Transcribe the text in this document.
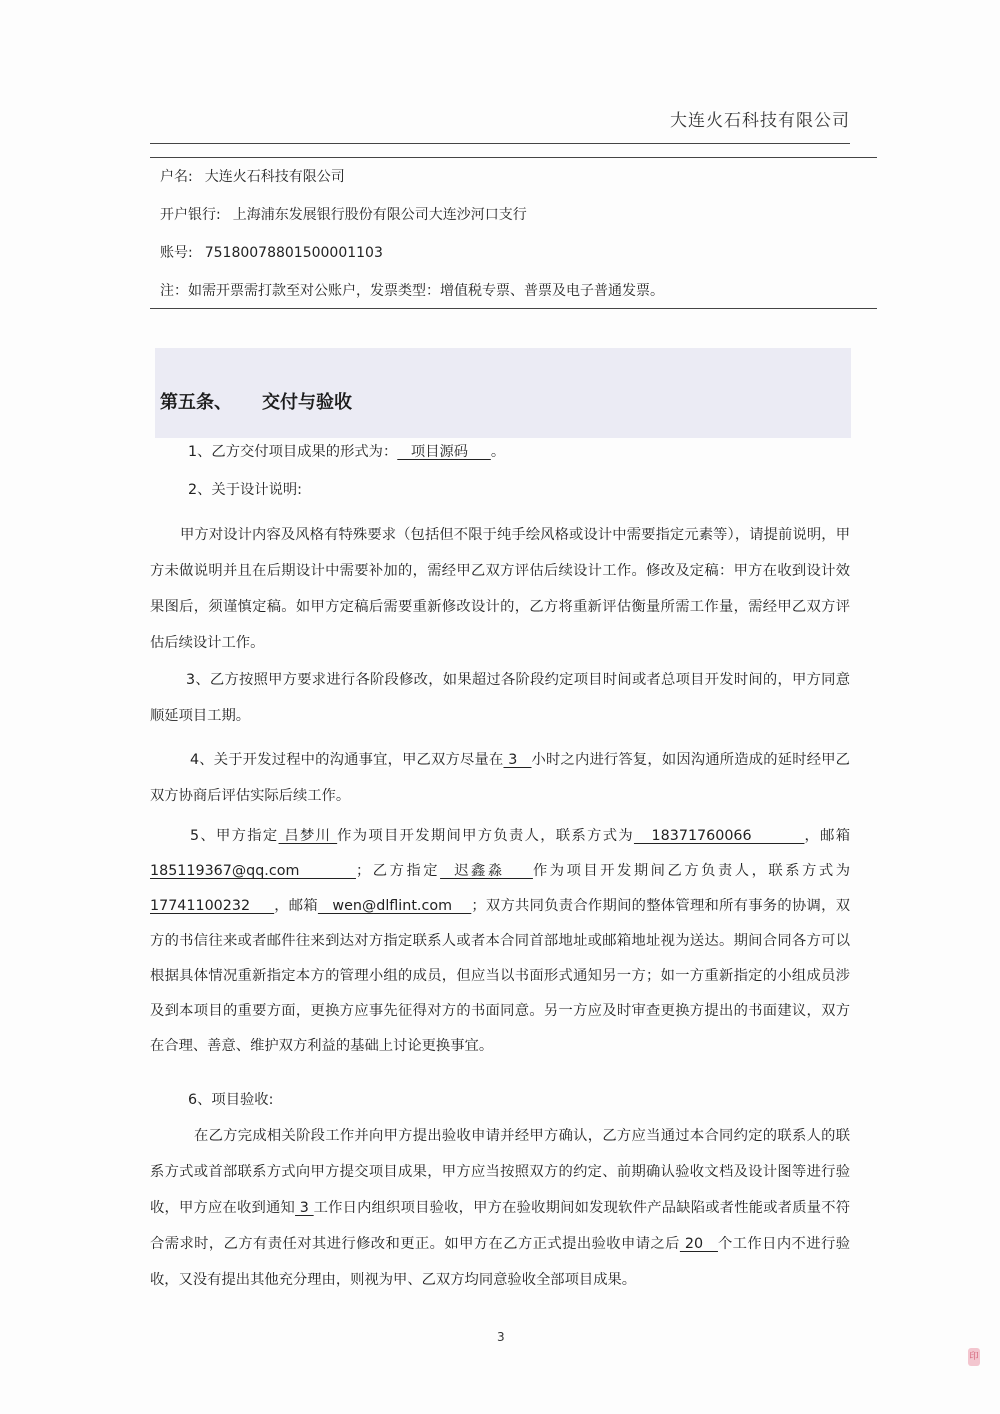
大连火石科技有限公司
户名: 大连火石科技有限公司
开户银行: 上海浦东发展银行股份有限公司大连沙河口支行
账号: 75180078801500001103
注：如需开票需打款至对公账户，发票类型：增值税专票、普票及电子普通发票。
第五条、 交付与验收
1、乙方交付项目成果的形式为：   项目源码     。
2、关于设计说明:
甲方对设计内容及风格有特殊要求（包括但不限于纯手绘风格或设计中需要指定元素等），请提前说明，甲方未做说明并且在后期设计中需要补加的，需经甲乙双方评估后续设计工作。修改及定稿：甲方在收到设计效果图后，须谨慎定稿。如甲方定稿后需要重新修改设计的，乙方将重新评估衡量所需工作量，需经甲乙双方评估后续设计工作。
3、乙方按照甲方要求进行各阶段修改，如果超过各阶段约定项目时间或者总项目开发时间的，甲方同意顺延项目工期。
4、关于开发过程中的沟通事宜，甲乙双方尽量在 3   小时之内进行答复，如因沟通所造成的延时经甲乙双方协商后评估实际后续工作。
5、甲方指定 吕梦川 作为项目开发期间甲方负责人，联系方式为   18371760066         ，邮箱185119367@qq.com        ；乙方指定  迟鑫淼    作为项目开发期间乙方负责人，联系方式为17741100232     ，邮箱   wen@dlflint.com    ；双方共同负责合作期间的整体管理和所有事务的协调，双方的书信往来或者邮件往来到达对方指定联系人或者本合同首部地址或邮箱地址视为送达。期间合同各方可以根据具体情况重新指定本方的管理小组的成员，但应当以书面形式通知另一方；如一方重新指定的小组成员涉及到本项目的重要方面，更换方应事先征得对方的书面同意。另一方应及时审查更换方提出的书面建议，双方在合理、善意、维护双方利益的基础上讨论更换事宜。
6、项目验收:
在乙方完成相关阶段工作并向甲方提出验收申请并经甲方确认，乙方应当通过本合同约定的联系人的联系方式或首部联系方式向甲方提交项目成果，甲方应当按照双方的约定、前期确认验收文档及设计图等进行验收，甲方应在收到通知 3 工作日内组织项目验收，甲方在验收期间如发现软件产品缺陷或者性能或者质量不符合需求时，乙方有责任对其进行修改和更正。如甲方在乙方正式提出验收申请之后 20   个工作日内不进行验收，又没有提出其他充分理由，则视为甲、乙双方均同意验收全部项目成果。
3
印
